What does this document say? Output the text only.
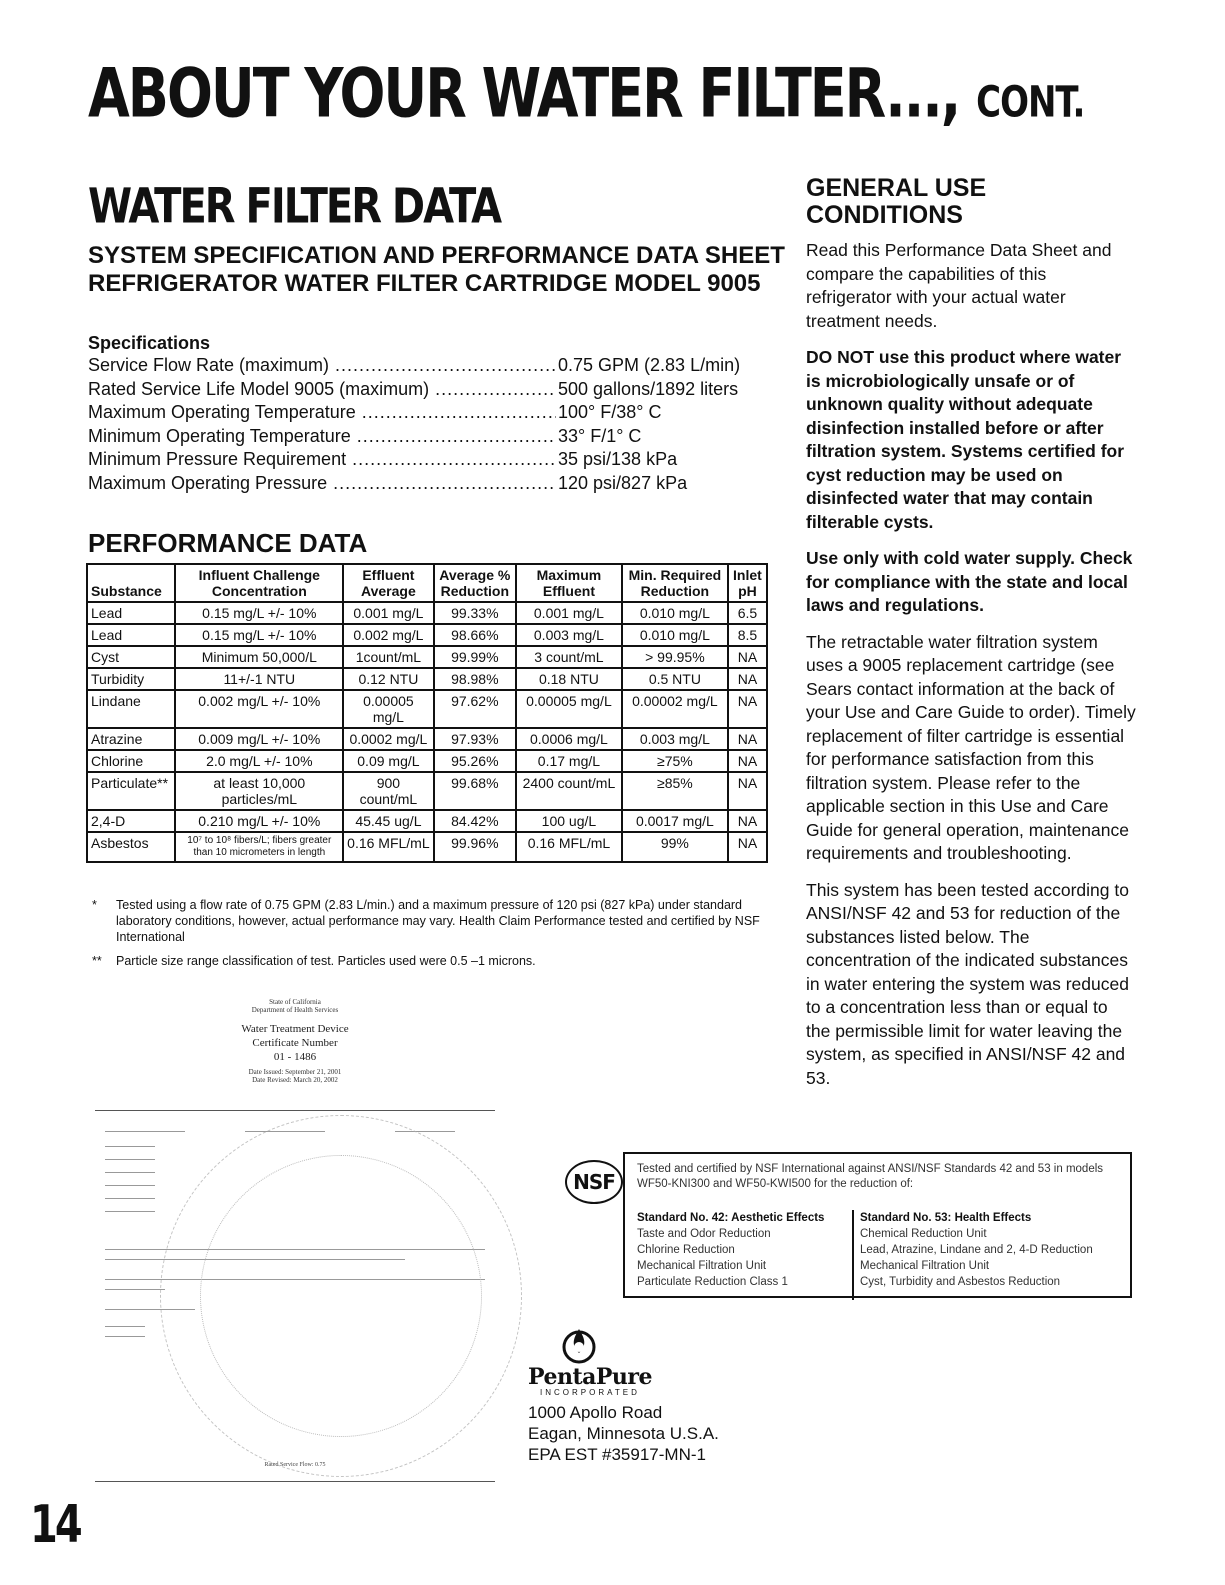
ABOUT YOUR WATER FILTER..., CONT.
WATER FILTER DATA
SYSTEM SPECIFICATION AND PERFORMANCE DATA SHEET REFRIGERATOR WATER FILTER CARTRIDGE MODEL 9005
Specifications
Service Flow Rate (maximum) .....	0.75 GPM (2.83 L/min)
Rated Service Life Model 9005 (maximum) .....	500 gallons/1892 liters
Maximum Operating Temperature .....	100° F/38° C
Minimum Operating Temperature .....	33° F/1° C
Minimum Pressure Requirement .....	35 psi/138 kPa
Maximum Operating Pressure .....	120 psi/827 kPa
PERFORMANCE DATA
Substance	Influent Challenge Concentration	Effluent Average	Average % Reduction	Maximum Effluent	Min. Required Reduction	Inlet pH
Lead	0.15 mg/L +/- 10%	0.001 mg/L	99.33%	0.001 mg/L	0.010 mg/L	6.5
Lead	0.15 mg/L +/- 10%	0.002 mg/L	98.66%	0.003 mg/L	0.010 mg/L	8.5
Cyst	Minimum 50,000/L	1count/mL	99.99%	3 count/mL	> 99.95%	NA
Turbidity	11+/-1 NTU	0.12 NTU	98.98%	0.18 NTU	0.5 NTU	NA
Lindane	0.002 mg/L +/- 10%	0.00005 mg/L	97.62%	0.00005 mg/L	0.00002 mg/L	NA
Atrazine	0.009 mg/L +/- 10%	0.0002 mg/L	97.93%	0.0006 mg/L	0.003 mg/L	NA
Chlorine	2.0 mg/L +/- 10%	0.09 mg/L	95.26%	0.17 mg/L	≥75%	NA
Particulate**	at least 10,000 particles/mL	900 count/mL	99.68%	2400 count/mL	≥85%	NA
2,4-D	0.210 mg/L +/- 10%	45.45 ug/L	84.42%	100 ug/L	0.0017 mg/L	NA
Asbestos	10⁷ to 10⁸ fibers/L; fibers greater than 10 micrometers in length	0.16 MFL/mL	99.96%	0.16 MFL/mL	99%	NA
* Tested using a flow rate of 0.75 GPM (2.83 L/min.) and a maximum pressure of 120 psi (827 kPa) under standard laboratory conditions, however, actual performance may vary. Health Claim Performance tested and certified by NSF International
** Particle size range classification of test. Particles used were 0.5 –1 microns.
State of California
Department of Health Services
Water Treatment Device
Certificate Number
01 - 1486
Date Issued: September 21, 2001
Date Revised: March 20, 2002
Rated Service Flow: 0.75
GENERAL USE CONDITIONS

Read this Performance Data Sheet and compare the capabilities of this refrigerator with your actual water treatment needs.

DO NOT use this product where water is microbiologically unsafe or of unknown quality without adequate disinfection installed before or after filtration system. Systems certified for cyst reduction may be used on disinfected water that may contain filterable cysts.

Use only with cold water supply. Check for compliance with the state and local laws and regulations.

The retractable water filtration system uses a 9005 replacement cartridge (see Sears contact information at the back of your Use and Care Guide to order). Timely replacement of filter cartridge is essential for performance satisfaction from this filtration system. Please refer to the applicable section in this Use and Care Guide for general operation, maintenance requirements and troubleshooting.

This system has been tested according to ANSI/NSF 42 and 53 for reduction of the substances listed below. The concentration of the indicated substances in water entering the system was reduced to a concentration less than or equal to the permissible limit for water leaving the system, as specified in ANSI/NSF 42 and 53.

NSF
Tested and certified by NSF International against ANSI/NSF Standards 42 and 53 in models WF50-KNI300 and WF50-KWI500 for the reduction of:
Standard No. 42: Aesthetic Effects
Taste and Odor Reduction
Chlorine Reduction
Mechanical Filtration Unit
Particulate Reduction Class 1
Standard No. 53: Health Effects
Chemical Reduction Unit
Lead, Atrazine, Lindane and 2, 4-D Reduction
Mechanical Filtration Unit
Cyst, Turbidity and Asbestos Reduction
PentaPure
INCORPORATED
1000 Apollo Road
Eagan, Minnesota U.S.A.
EPA EST #35917-MN-1
14
